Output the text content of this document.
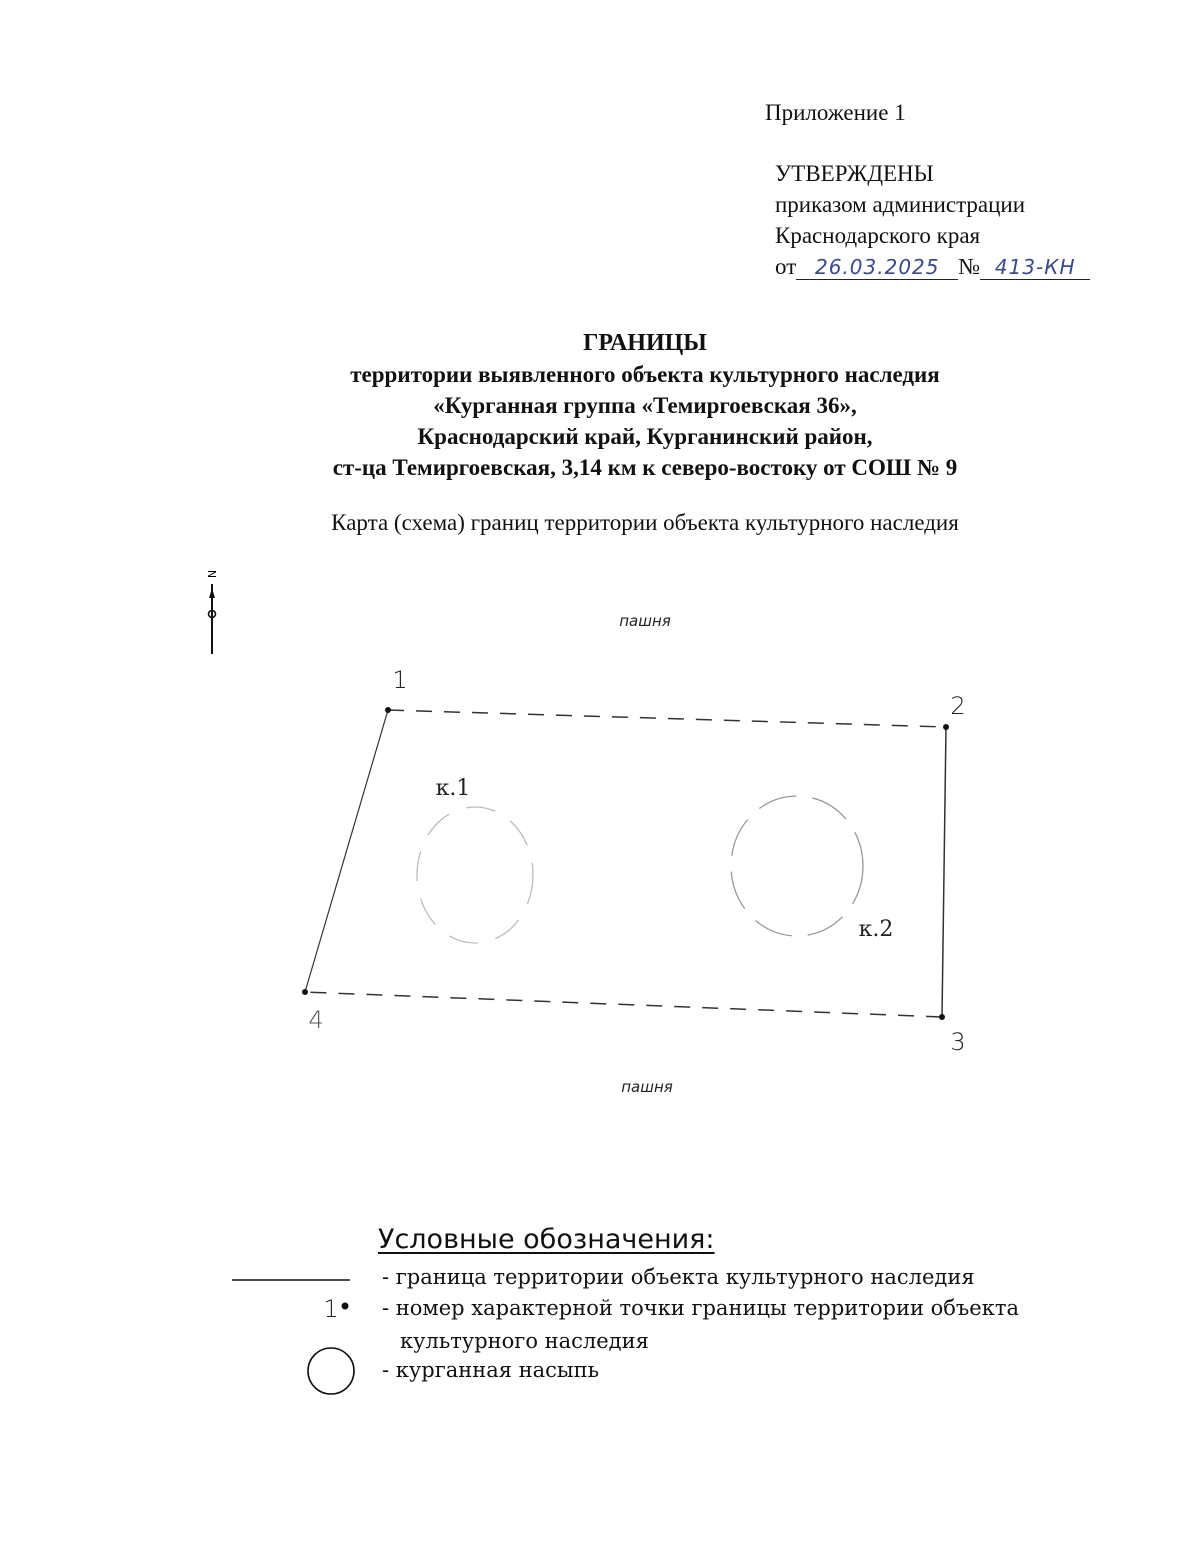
Приложение 1
УТВЕРЖДЕНЫ
приказом администрации
Краснодарского края
от 26.03.2025 № 413-КН
ГРАНИЦЫ
территории выявленного объекта культурного наследия
«Курганная группа «Темиргоевская 36»,
Краснодарский край, Курганинский район,
ст-ца Темиргоевская, 3,14 км к северо-востоку от СОШ № 9
Карта (схема) границ территории объекта культурного наследия
N
пашня
пашня
1
2
3
4
к.1
к.2
1
Условные обозначения:
- граница территории объекта культурного наследия
- номер характерной точки границы территории объекта
культурного наследия
- курганная насыпь
